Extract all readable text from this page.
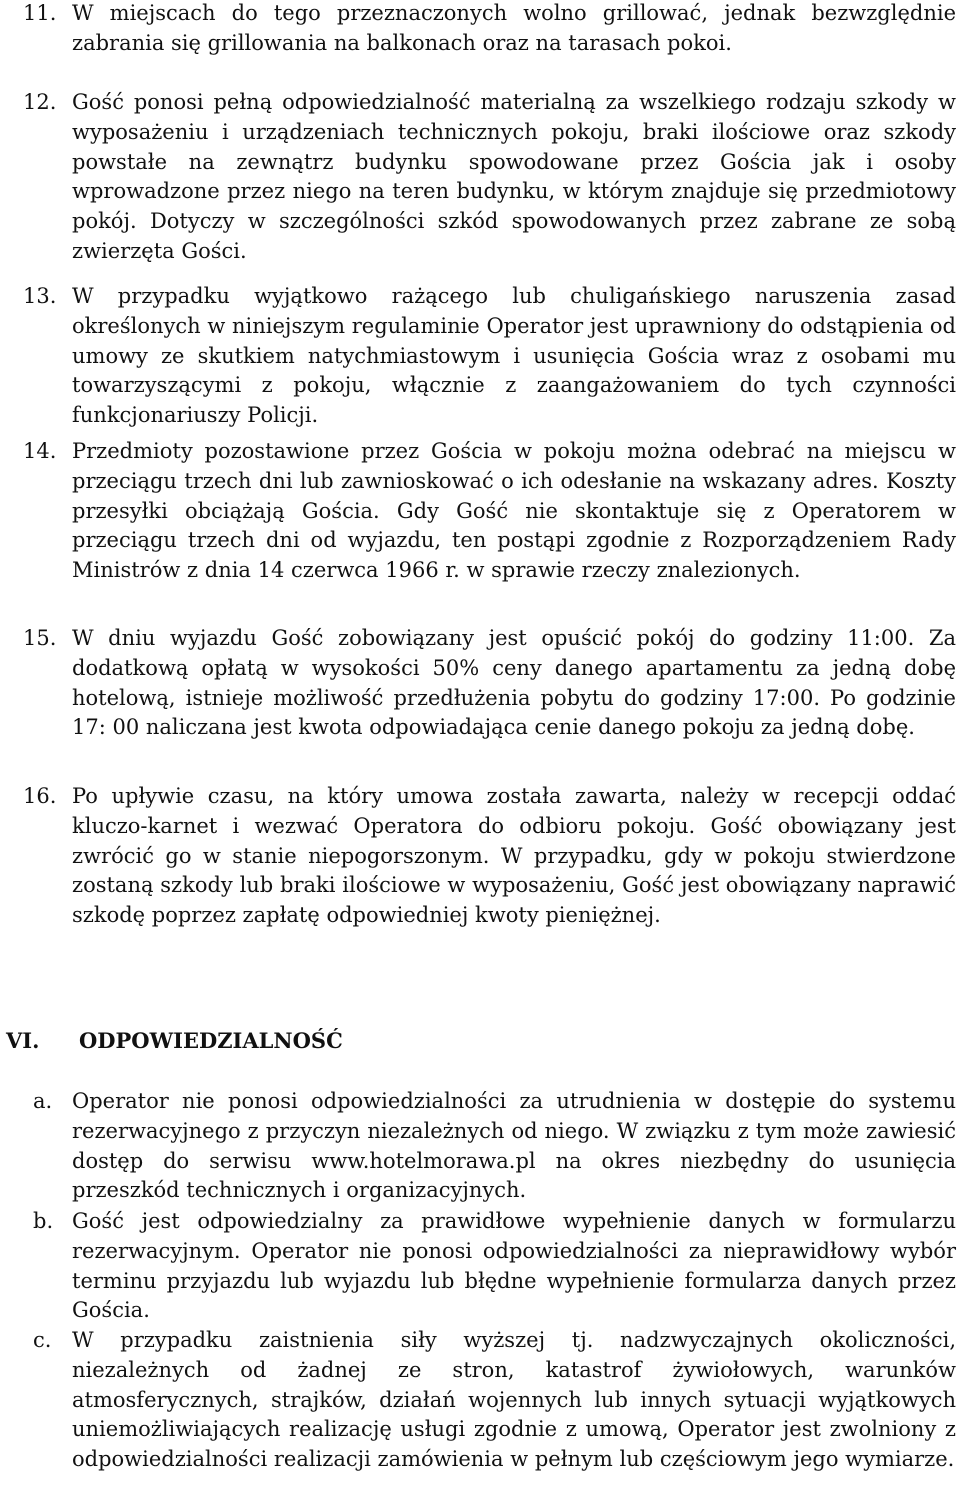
11. W miejscach do tego przeznaczonych wolno grillować, jednak bezwzględnie zabrania się grillowania na balkonach oraz na tarasach pokoi.
12. Gość ponosi pełną odpowiedzialność materialną za wszelkiego rodzaju szkody w wyposażeniu i urządzeniach technicznych pokoju, braki ilościowe oraz szkody powstałe na zewnątrz budynku spowodowane przez Gościa jak i osoby wprowadzone przez niego na teren budynku, w którym znajduje się przedmiotowy pokój. Dotyczy w szczególności szkód spowodowanych przez zabrane ze sobą zwierzęta Gości.
13. W przypadku wyjątkowo rażącego lub chuligańskiego naruszenia zasad określonych w niniejszym regulaminie Operator jest uprawniony do odstąpienia od umowy ze skutkiem natychmiastowym i usunięcia Gościa wraz z osobami mu towarzyszącymi z pokoju, włącznie z zaangażowaniem do tych czynności funkcjonariuszy Policji.
14. Przedmioty pozostawione przez Gościa w pokoju można odebrać na miejscu w przeciągu trzech dni lub zawnioskować o ich odesłanie na wskazany adres. Koszty przesyłki obciążają Gościa. Gdy Gość nie skontaktuje się z Operatorem w przeciągu trzech dni od wyjazdu, ten postąpi zgodnie z Rozporządzeniem Rady Ministrów z dnia 14 czerwca 1966 r. w sprawie rzeczy znalezionych.
15. W dniu wyjazdu Gość zobowiązany jest opuścić pokój do godziny 11:00. Za dodatkową opłatą w wysokości 50% ceny danego apartamentu za jedną dobę hotelową, istnieje możliwość przedłużenia pobytu do godziny 17:00. Po godzinie 17: 00 naliczana jest kwota odpowiadająca cenie danego pokoju za jedną dobę.
16. Po upływie czasu, na który umowa została zawarta, należy w recepcji oddać kluczo-karnet i wezwać Operatora do odbioru pokoju. Gość obowiązany jest zwrócić go w stanie niepogorszonym. W przypadku, gdy w pokoju stwierdzone zostaną szkody lub braki ilościowe w wyposażeniu, Gość jest obowiązany naprawić szkodę poprzez zapłatę odpowiedniej kwoty pieniężnej.
VI.	ODPOWIEDZIALNOŚĆ
a. Operator nie ponosi odpowiedzialności za utrudnienia w dostępie do systemu rezerwacyjnego z przyczyn niezależnych od niego. W związku z tym może zawiesić dostęp do serwisu www.hotelmorawa.pl na okres niezbędny do usunięcia przeszkód technicznych i organizacyjnych.
b. Gość jest odpowiedzialny za prawidłowe wypełnienie danych w formularzu rezerwacyjnym. Operator nie ponosi odpowiedzialności za nieprawidłowy wybór terminu przyjazdu lub wyjazdu lub błędne wypełnienie formularza danych przez Gościa.
c. W przypadku zaistnienia siły wyższej tj. nadzwyczajnych okoliczności, niezależnych od żadnej ze stron, katastrof żywiołowych, warunków atmosferycznych, strajków, działań wojennych lub innych sytuacji wyjątkowych uniemożliwiających realizację usługi zgodnie z umową, Operator jest zwolniony z odpowiedzialności realizacji zamówienia w pełnym lub częściowym jego wymiarze.
